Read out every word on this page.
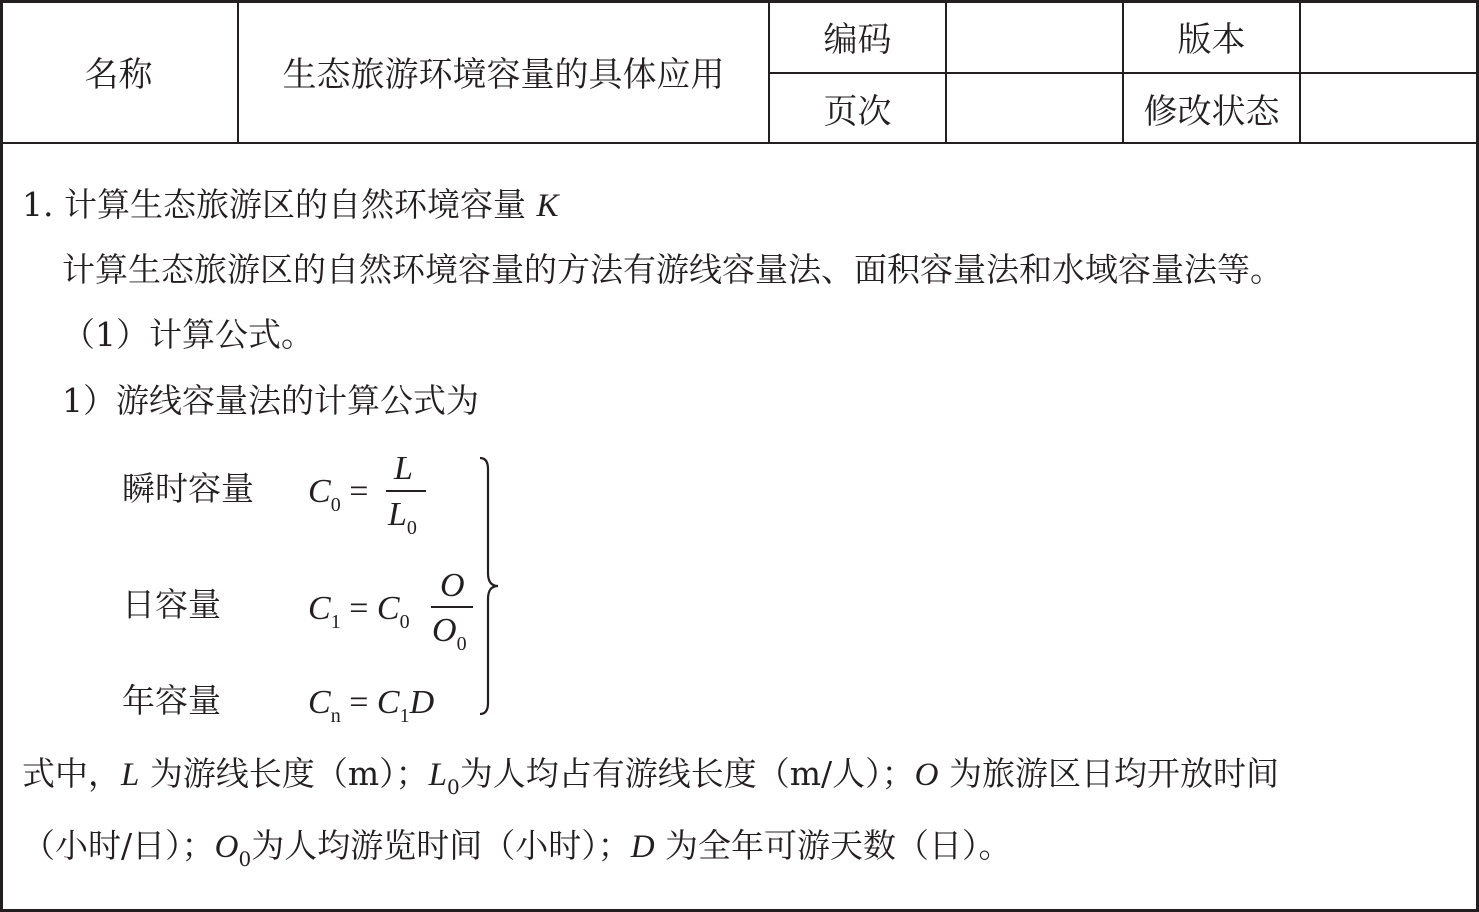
名称	生态旅游环境容量的具体应用
编码	版本
页次	修改状态
1. 计算生态旅游区的自然环境容量 K
计算生态旅游区的自然环境容量的方法有游线容量法、面积容量法和水域容量法等。
（1）计算公式。
1）游线容量法的计算公式为
瞬时容量 $C_0$ =
L
$L_0$
日容量	$C_1 = C_0$
O
$O_0$
年容量	$C_n = C_1D$
式中，L 为游线长度（m）；$L_0$为人均占有游线长度（m/人）；O 为旅游区日均开放时间
（小时/日）；$O_0$为人均游览时间（小时）；D 为全年可游天数（日）。
